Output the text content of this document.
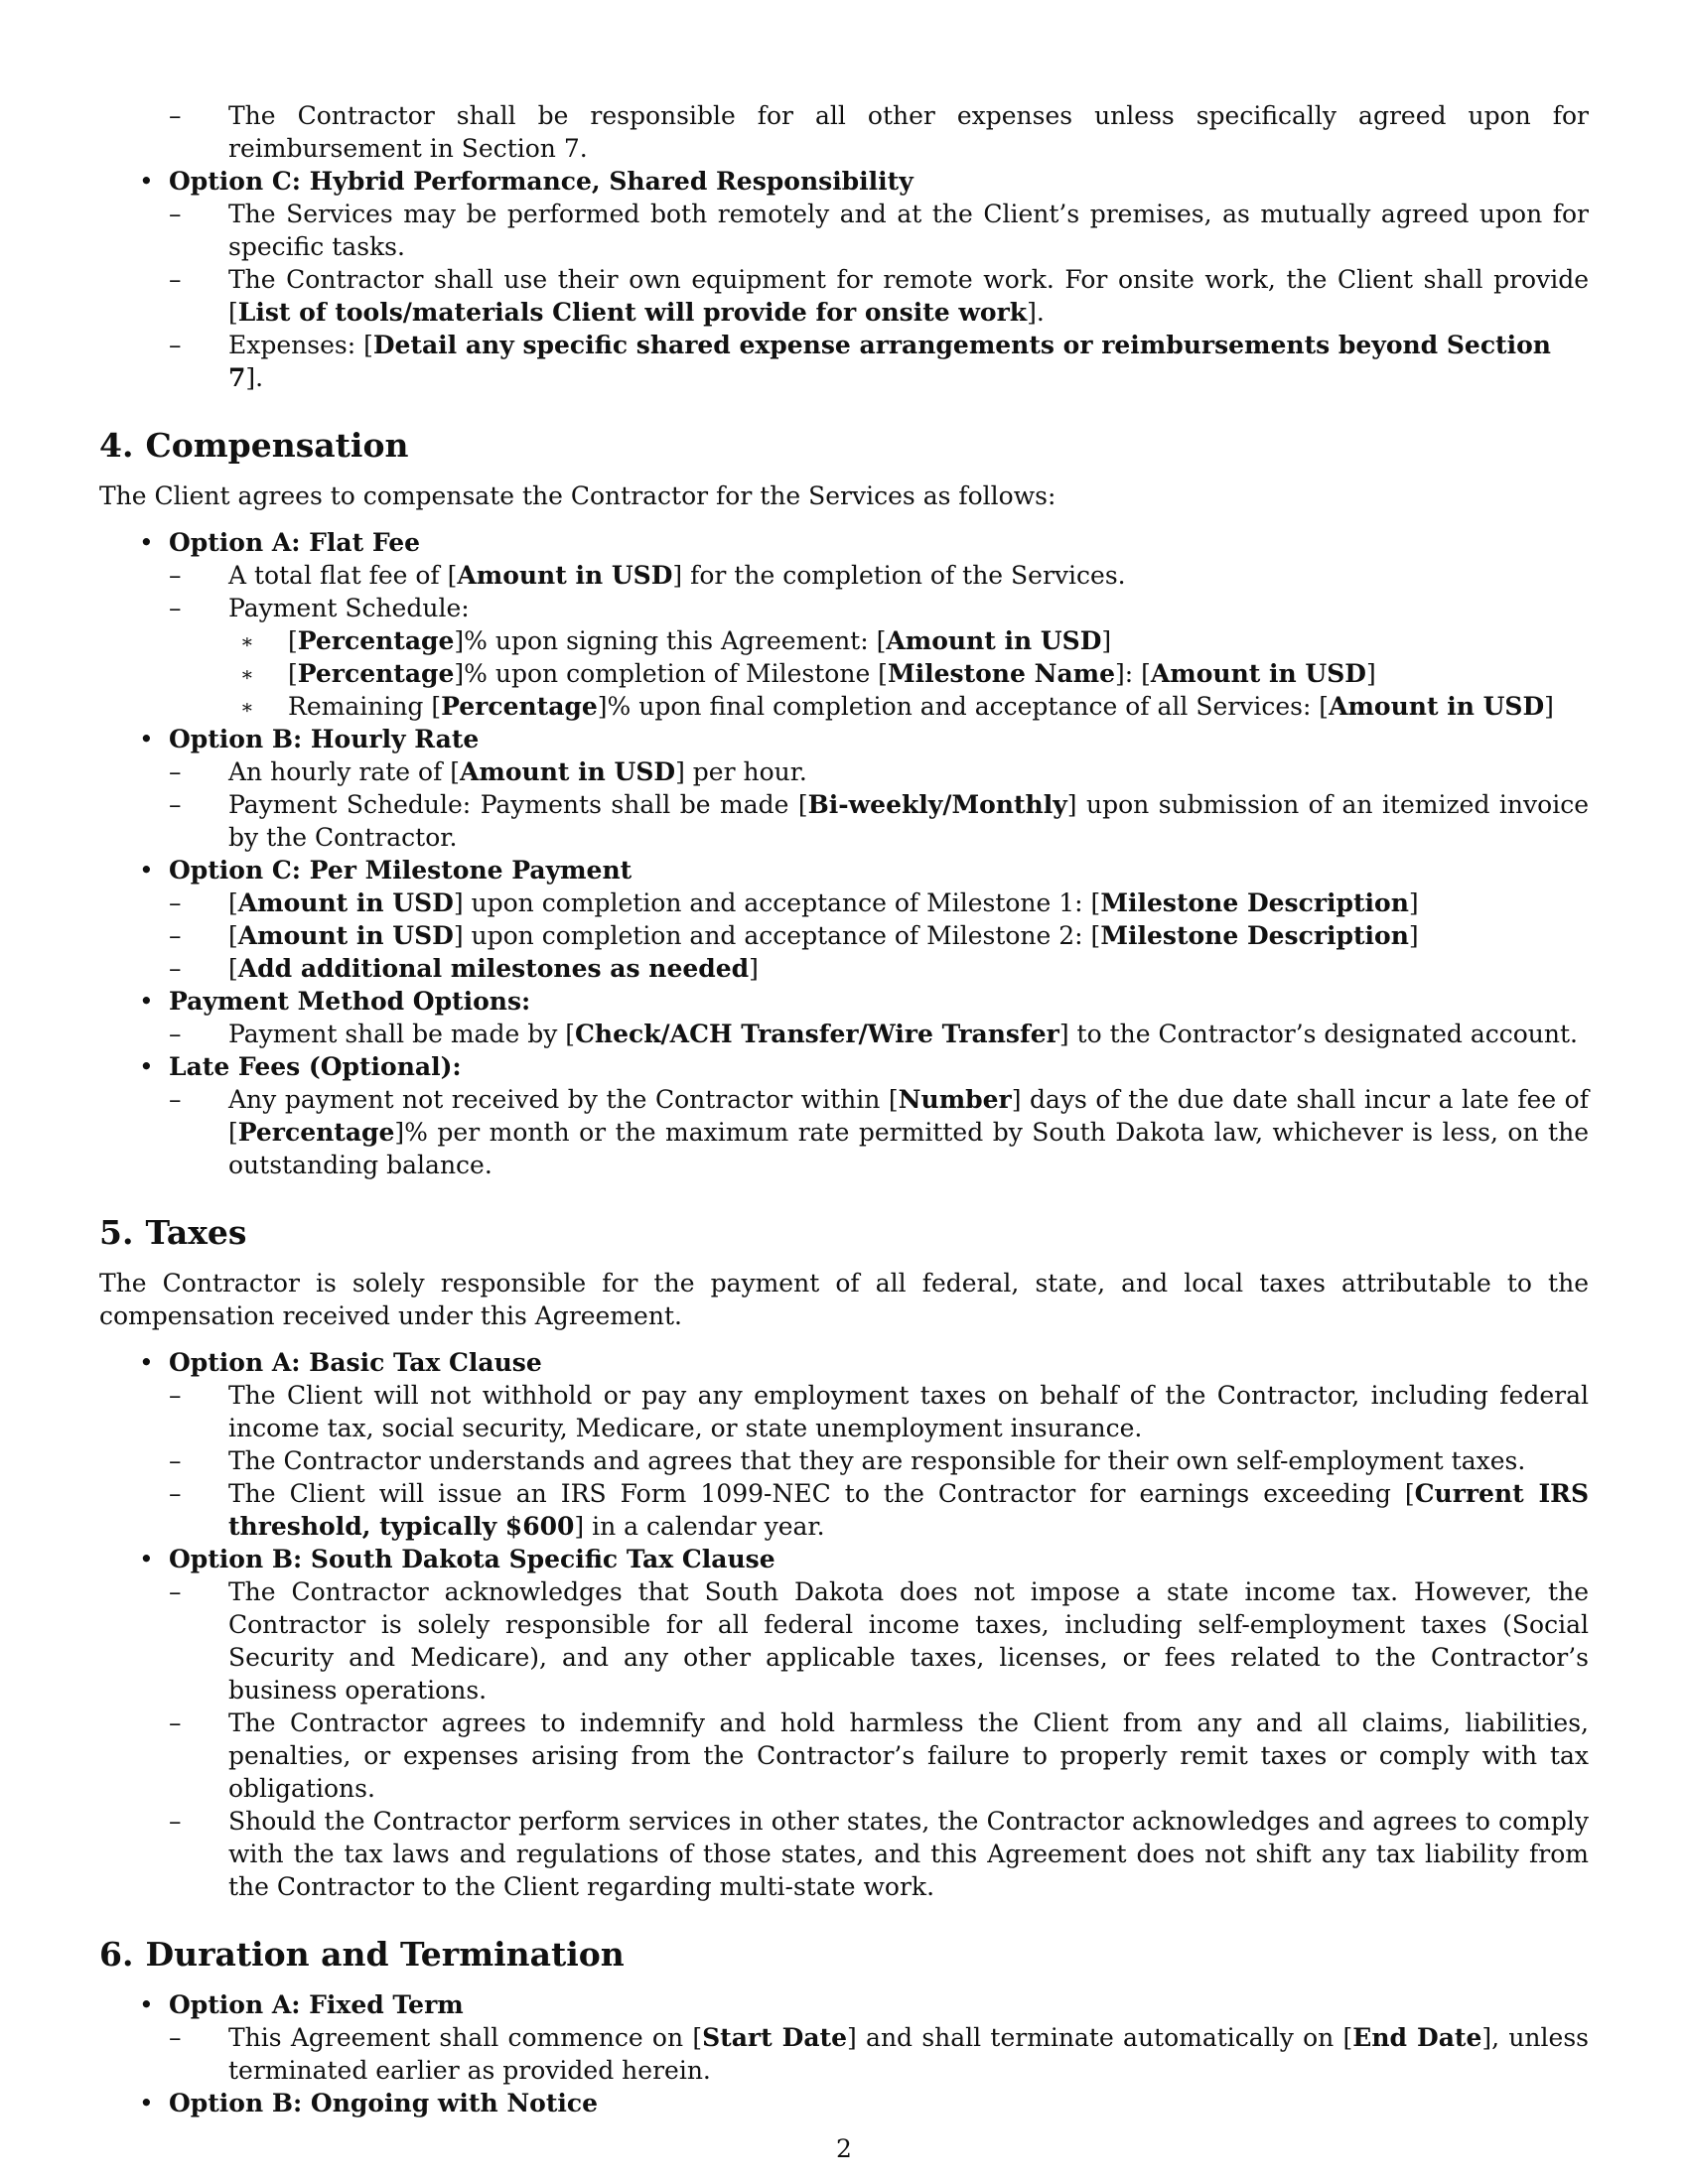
– The Contractor shall be responsible for all other expenses unless specifically agreed upon for reimbursement in Section 7.
• Option C: Hybrid Performance, Shared Responsibility
– The Services may be performed both remotely and at the Client’s premises, as mutually agreed upon for specific tasks.
– The Contractor shall use their own equipment for remote work. For onsite work, the Client shall provide [List of tools/materials Client will provide for onsite work].
– Expenses: [Detail any specific shared expense arrangements or reimbursements beyond Section 7].
4. Compensation

The Client agrees to compensate the Contractor for the Services as follows:

• Option A: Flat Fee
– A total flat fee of [Amount in USD] for the completion of the Services.
– Payment Schedule:
∗ [Percentage]% upon signing this Agreement: [Amount in USD]
∗ [Percentage]% upon completion of Milestone [Milestone Name]: [Amount in USD]
∗ Remaining [Percentage]% upon final completion and acceptance of all Services: [Amount in USD]
• Option B: Hourly Rate
– An hourly rate of [Amount in USD] per hour.
– Payment Schedule: Payments shall be made [Bi-weekly/Monthly] upon submission of an itemized invoice by the Contractor.
• Option C: Per Milestone Payment
– [Amount in USD] upon completion and acceptance of Milestone 1: [Milestone Description]
– [Amount in USD] upon completion and acceptance of Milestone 2: [Milestone Description]
– [Add additional milestones as needed]
• Payment Method Options:
– Payment shall be made by [Check/ACH Transfer/Wire Transfer] to the Contractor’s designated account.
• Late Fees (Optional):
– Any payment not received by the Contractor within [Number] days of the due date shall incur a late fee of [Percentage]% per month or the maximum rate permitted by South Dakota law, whichever is less, on the outstanding balance.
5. Taxes

The Contractor is solely responsible for the payment of all federal, state, and local taxes attributable to the compensation received under this Agreement.

• Option A: Basic Tax Clause
– The Client will not withhold or pay any employment taxes on behalf of the Contractor, including federal income tax, social security, Medicare, or state unemployment insurance.
– The Contractor understands and agrees that they are responsible for their own self-employment taxes.
– The Client will issue an IRS Form 1099-NEC to the Contractor for earnings exceeding [Current IRS threshold, typically $600] in a calendar year.
• Option B: South Dakota Specific Tax Clause
– The Contractor acknowledges that South Dakota does not impose a state income tax. However, the Contractor is solely responsible for all federal income taxes, including self-employment taxes (Social Security and Medicare), and any other applicable taxes, licenses, or fees related to the Contractor’s business operations.
– The Contractor agrees to indemnify and hold harmless the Client from any and all claims, liabilities, penalties, or expenses arising from the Contractor’s failure to properly remit taxes or comply with tax obligations.
– Should the Contractor perform services in other states, the Contractor acknowledges and agrees to comply with the tax laws and regulations of those states, and this Agreement does not shift any tax liability from the Contractor to the Client regarding multi-state work.
6. Duration and Termination
• Option A: Fixed Term
– This Agreement shall commence on [Start Date] and shall terminate automatically on [End Date], unless terminated earlier as provided herein.
• Option B: Ongoing with Notice
2
